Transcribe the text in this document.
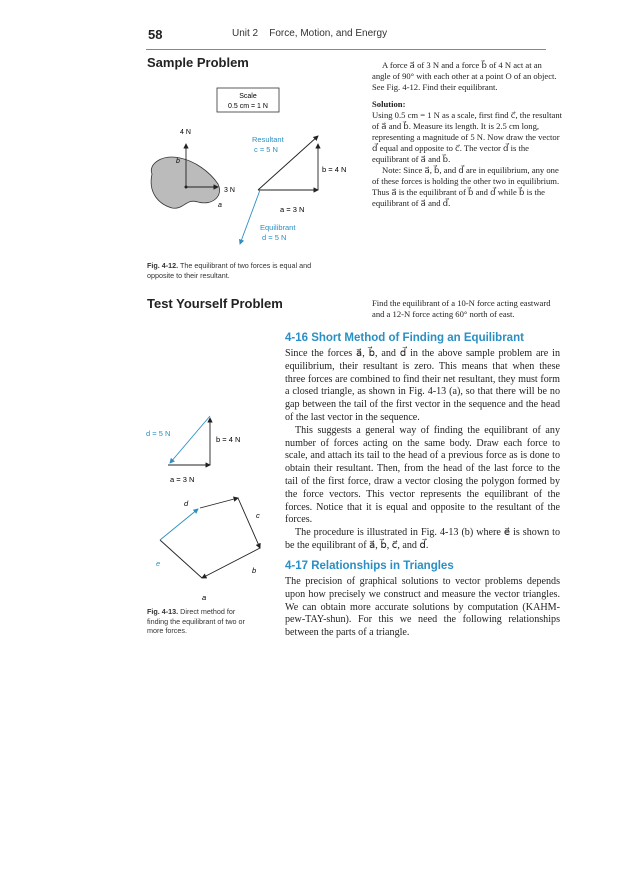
58	Unit 2    Force, Motion, and Energy
Sample Problem	A force a⃗ of 3 N and a force b⃗ of 4 N act at an angle of 90° with each other at a point O of an object. See Fig. 4-12. Find their equilibrant.

Solution:

Using 0.5 cm = 1 N as a scale, first find c⃗, the resultant of a⃗ and b⃗. Measure its length. It is 2.5 cm long, representing a magnitude of 5 N. Now draw the vector d⃗ equal and opposite to c⃗. The vector d⃗ is the equilibrant of a⃗ and b⃗.

Note: Since a⃗, b⃗, and d⃗ are in equilibrium, any one of these forces is holding the other two in equilibrium. Thus a⃗ is the equilibrant of b⃗ and d⃗ while b⃗ is the equilibrant of a⃗ and d⃗.

Scale
0.5 cm = 1 N
4 N
b
a
3 N
Resultant
c = 5 N
b = 4 N
a = 3 N
Equilibrant
d = 5 N
Fig. 4-12. The equilibrant of two forces is equal and
opposite to their resultant.
Test Yourself Problem	Find the equilibrant of a 10-N force acting eastward and a 12-N force acting 60° north of east.
4-16 Short Method of Finding an Equilibrant

Since the forces a⃗, b⃗, and d⃗ in the above sample problem are in equilibrium, their resultant is zero. This means that when these three forces are combined to find their net resultant, they must form a closed triangle, as shown in Fig. 4-13 (a), so that there will be no gap between the tail of the first vector in the sequence and the head of the last vector in the sequence.

This suggests a general way of finding the equilibrant of any number of forces acting on the same body. Draw each force to scale, and attach its tail to the head of a previous force as is done to obtain their resultant. Then, from the head of the last force to the tail of the first force, draw a vector closing the polygon formed by the force vectors. This vector represents the equilibrant of the forces. Notice that it is equal and opposite to the resultant of the forces.

The procedure is illustrated in Fig. 4-13 (b) where e⃗ is shown to be the equilibrant of a⃗, b⃗, c⃗, and d⃗.

d = 5 N
b = 4 N
a = 3 N
d
c
e
b
a
Fig. 4-13. Direct method for
finding the equilibrant of two or
more forces.
4-17 Relationships in Triangles

The precision of graphical solutions to vector problems depends upon how precisely we construct and measure the vector triangles. We can obtain more accurate solutions by computation (KAHM-pew-TAY-shun). For this we need the following relationships between the parts of a triangle.
